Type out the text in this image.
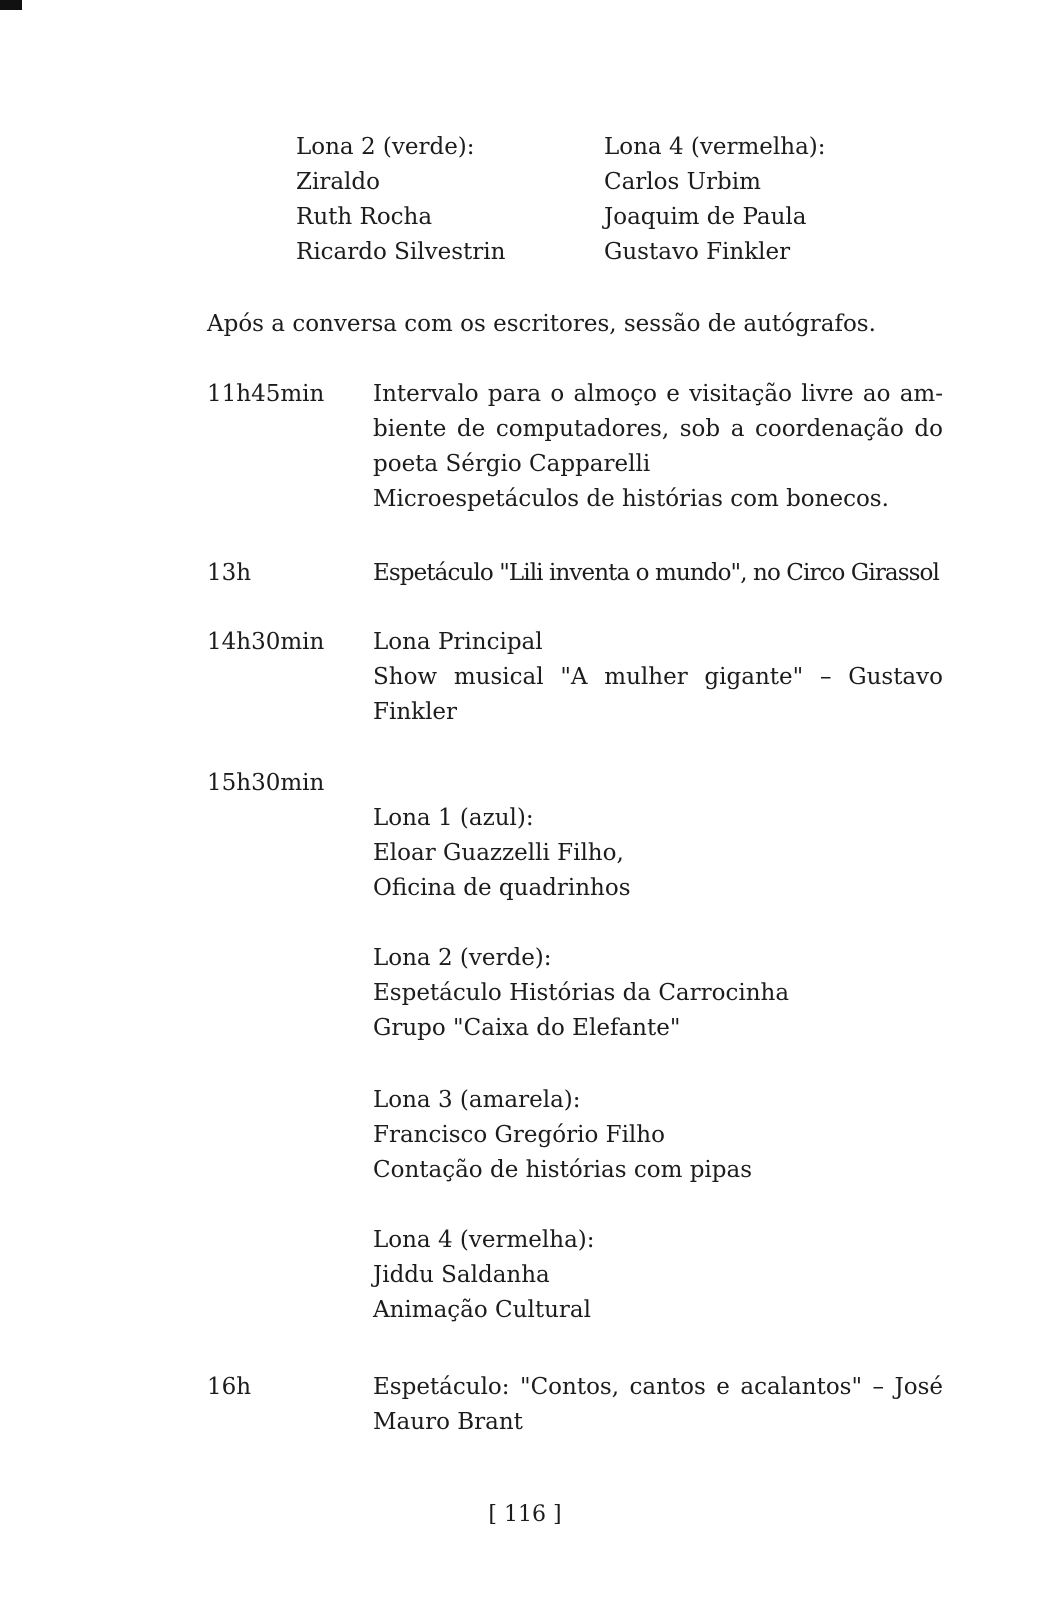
Lona 2 (verde):
Ziraldo
Ruth Rocha
Ricardo Silvestrin
Lona 4 (vermelha):
Carlos Urbim
Joaquim de Paula
Gustavo Finkler
Após a conversa com os escritores, sessão de autógrafos.
11h45min Intervalo para o almoço e visitação livre ao am-
biente de computadores, sob a coordenação do
poeta Sérgio Capparelli
Microespetáculos de histórias com bonecos.
13h	Espetáculo "Lili inventa o mundo", no Circo Girassol
14h30min Lona Principal
Show musical "A mulher gigante" – Gustavo
Finkler
15h30min
Lona 1 (azul):
Eloar Guazzelli Filho,
Oficina de quadrinhos
Lona 2 (verde):
Espetáculo Histórias da Carrocinha
Grupo "Caixa do Elefante"
Lona 3 (amarela):
Francisco Gregório Filho
Contação de histórias com pipas
Lona 4 (vermelha):
Jiddu Saldanha
Animação Cultural
16h	Espetáculo: "Contos, cantos e acalantos" – José
Mauro Brant
[ 116 ]
